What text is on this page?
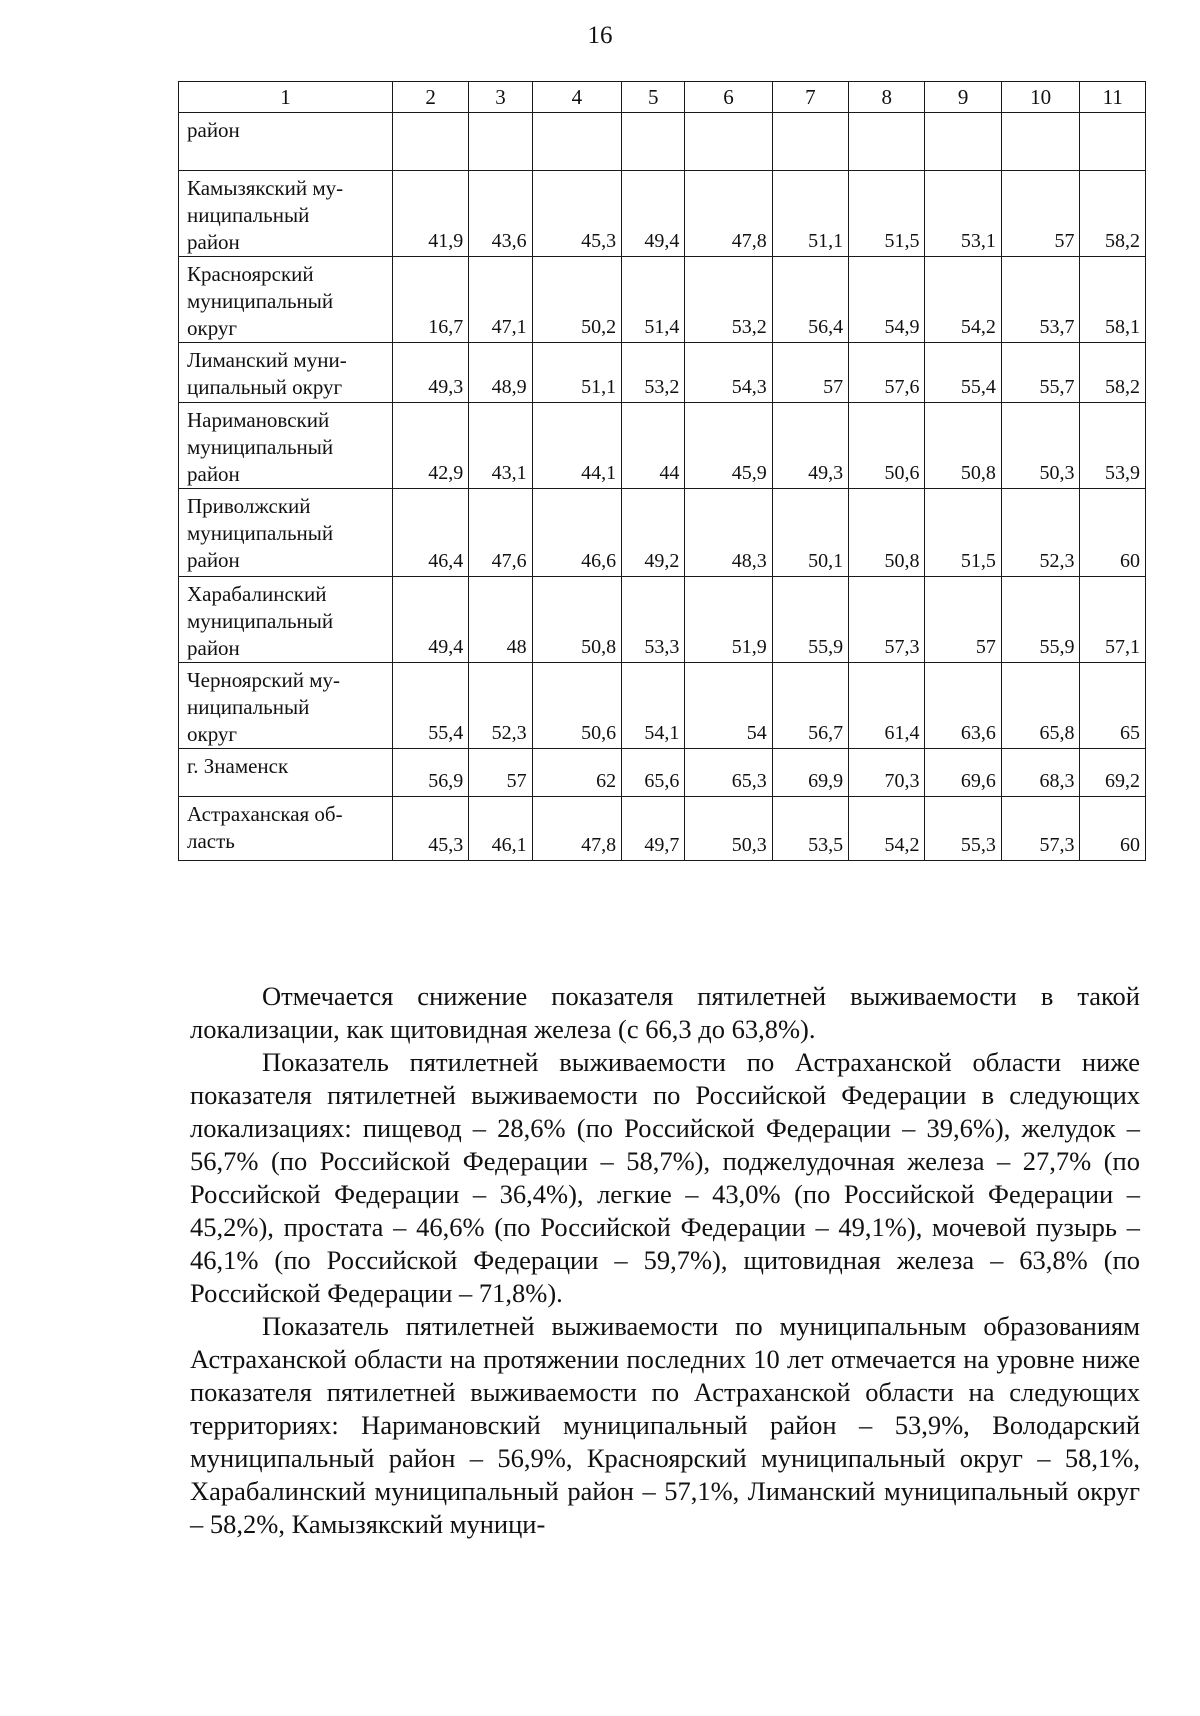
16
1	2	3	4	5	6	7	8	9	10	11
район										
Камызякский му-
ниципальный
район	41,9	43,6	45,3	49,4	47,8	51,1	51,5	53,1	57	58,2
Красноярский
муниципальный
округ	16,7	47,1	50,2	51,4	53,2	56,4	54,9	54,2	53,7	58,1
Лиманский муни-
ципальный округ	49,3	48,9	51,1	53,2	54,3	57	57,6	55,4	55,7	58,2
Наримановский
муниципальный
район	42,9	43,1	44,1	44	45,9	49,3	50,6	50,8	50,3	53,9
Приволжский
муниципальный
район	46,4	47,6	46,6	49,2	48,3	50,1	50,8	51,5	52,3	60
Харабалинский
муниципальный
район	49,4	48	50,8	53,3	51,9	55,9	57,3	57	55,9	57,1
Черноярский му-
ниципальный
округ	55,4	52,3	50,6	54,1	54	56,7	61,4	63,6	65,8	65
г. Знаменск	56,9	57	62	65,6	65,3	69,9	70,3	69,6	68,3	69,2
Астраханская об-
ласть	45,3	46,1	47,8	49,7	50,3	53,5	54,2	55,3	57,3	60

Отмечается снижение показателя пятилетней выживаемости в такой локализации, как щитовидная железа (с 66,3 до 63,8%).

Показатель пятилетней выживаемости по Астраханской области ниже показателя пятилетней выживаемости по Российской Федерации в следующих локализациях: пищевод – 28,6% (по Российской Федерации – 39,6%), желудок – 56,7% (по Российской Федерации – 58,7%), поджелудочная железа – 27,7% (по Российской Федерации – 36,4%), легкие – 43,0% (по Российской Федерации – 45,2%), простата – 46,6% (по Российской Федерации – 49,1%), мочевой пузырь – 46,1% (по Российской Федерации – 59,7%), щитовидная железа – 63,8% (по Российской Федерации – 71,8%).

Показатель пятилетней выживаемости по муниципальным образованиям Астраханской области на протяжении последних 10 лет отмечается на уровне ниже показателя пятилетней выживаемости по Астраханской области на следующих территориях: Наримановский муниципальный район – 53,9%, Володарский муниципальный район – 56,9%, Красноярский муниципальный округ – 58,1%, Харабалинский муниципальный район – 57,1%, Лиманский муниципальный округ – 58,2%, Камызякский муници-
